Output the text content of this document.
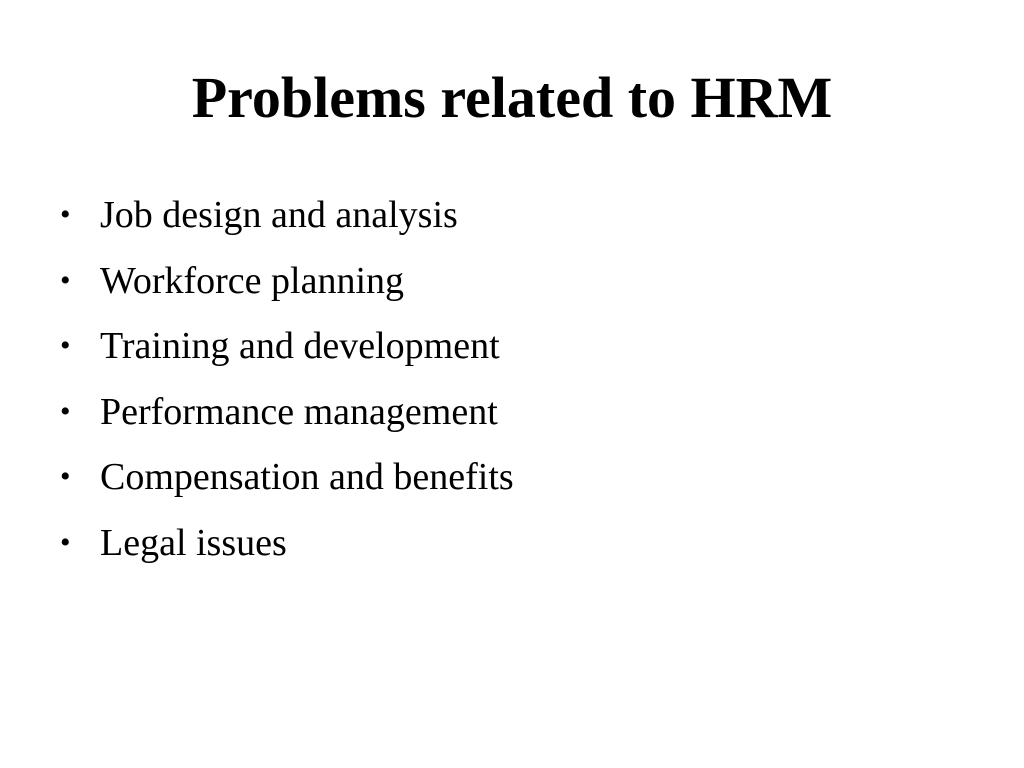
Problems related to HRM
• Job design and analysis
• Workforce planning
• Training and development
• Performance management
• Compensation and benefits
• Legal issues
